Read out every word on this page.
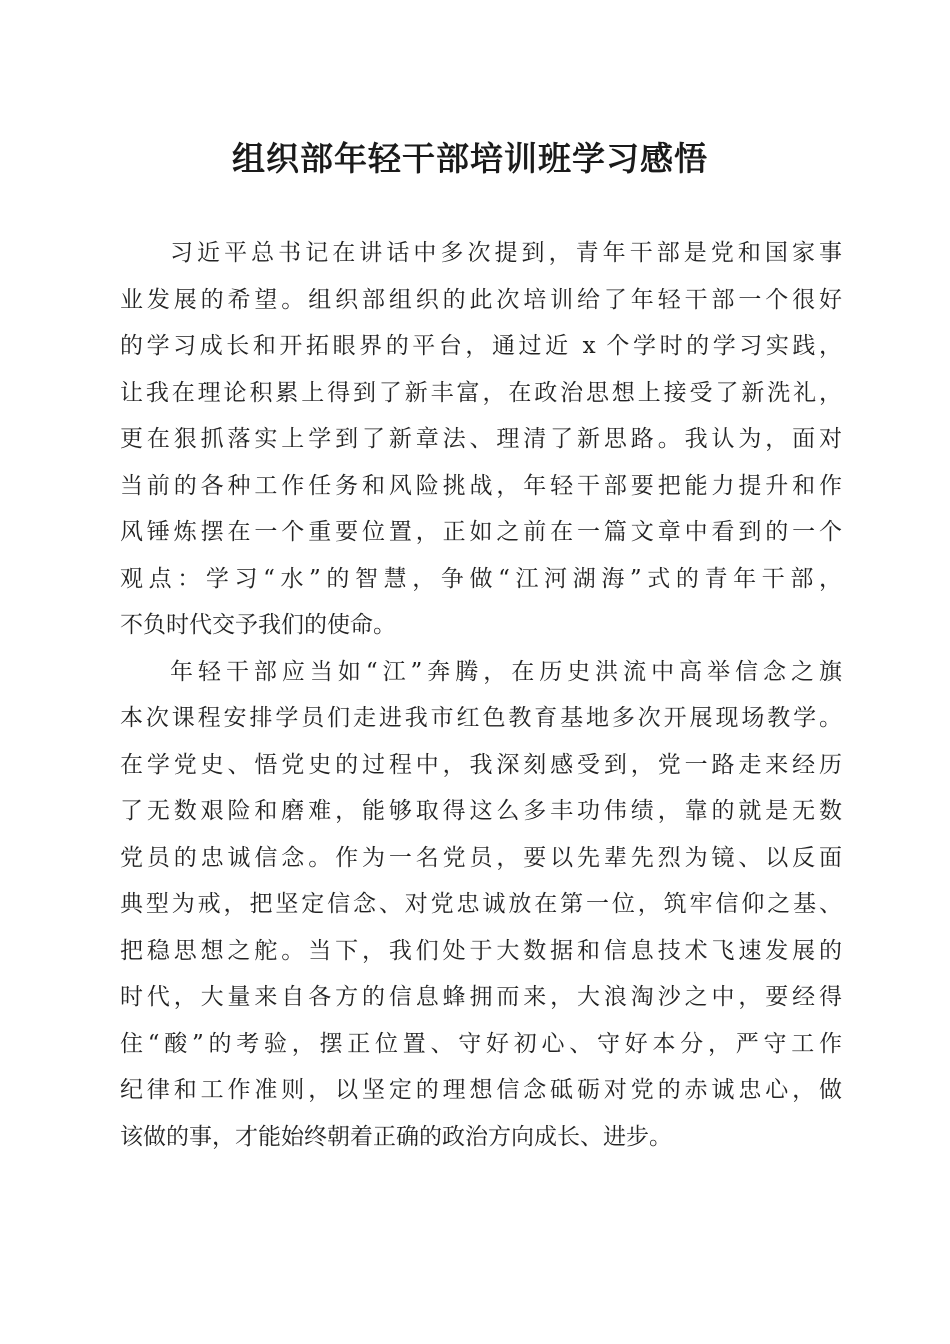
组织部年轻干部培训班学习感悟
习近平总书记在讲话中多次提到，青年干部是党和国家事
业发展的希望。组织部组织的此次培训给了年轻干部一个很好
的学习成长和开拓眼界的平台，通过近 x 个学时的学习实践，
让我在理论积累上得到了新丰富，在政治思想上接受了新洗礼，
更在狠抓落实上学到了新章法、理清了新思路。我认为，面对
当前的各种工作任务和风险挑战，年轻干部要把能力提升和作
风锤炼摆在一个重要位置，正如之前在一篇文章中看到的一个
观点：学习“水”的智慧，争做“江河湖海”式的青年干部，
不负时代交予我们的使命。
年轻干部应当如“江”奔腾，在历史洪流中高举信念之旗
本次课程安排学员们走进我市红色教育基地多次开展现场教学。
在学党史、悟党史的过程中，我深刻感受到，党一路走来经历
了无数艰险和磨难，能够取得这么多丰功伟绩，靠的就是无数
党员的忠诚信念。作为一名党员，要以先辈先烈为镜、以反面
典型为戒，把坚定信念、对党忠诚放在第一位，筑牢信仰之基、
把稳思想之舵。当下，我们处于大数据和信息技术飞速发展的
时代，大量来自各方的信息蜂拥而来，大浪淘沙之中，要经得
住“酸”的考验，摆正位置、守好初心、守好本分，严守工作
纪律和工作准则，以坚定的理想信念砥砺对党的赤诚忠心，做
该做的事，才能始终朝着正确的政治方向成长、进步。
